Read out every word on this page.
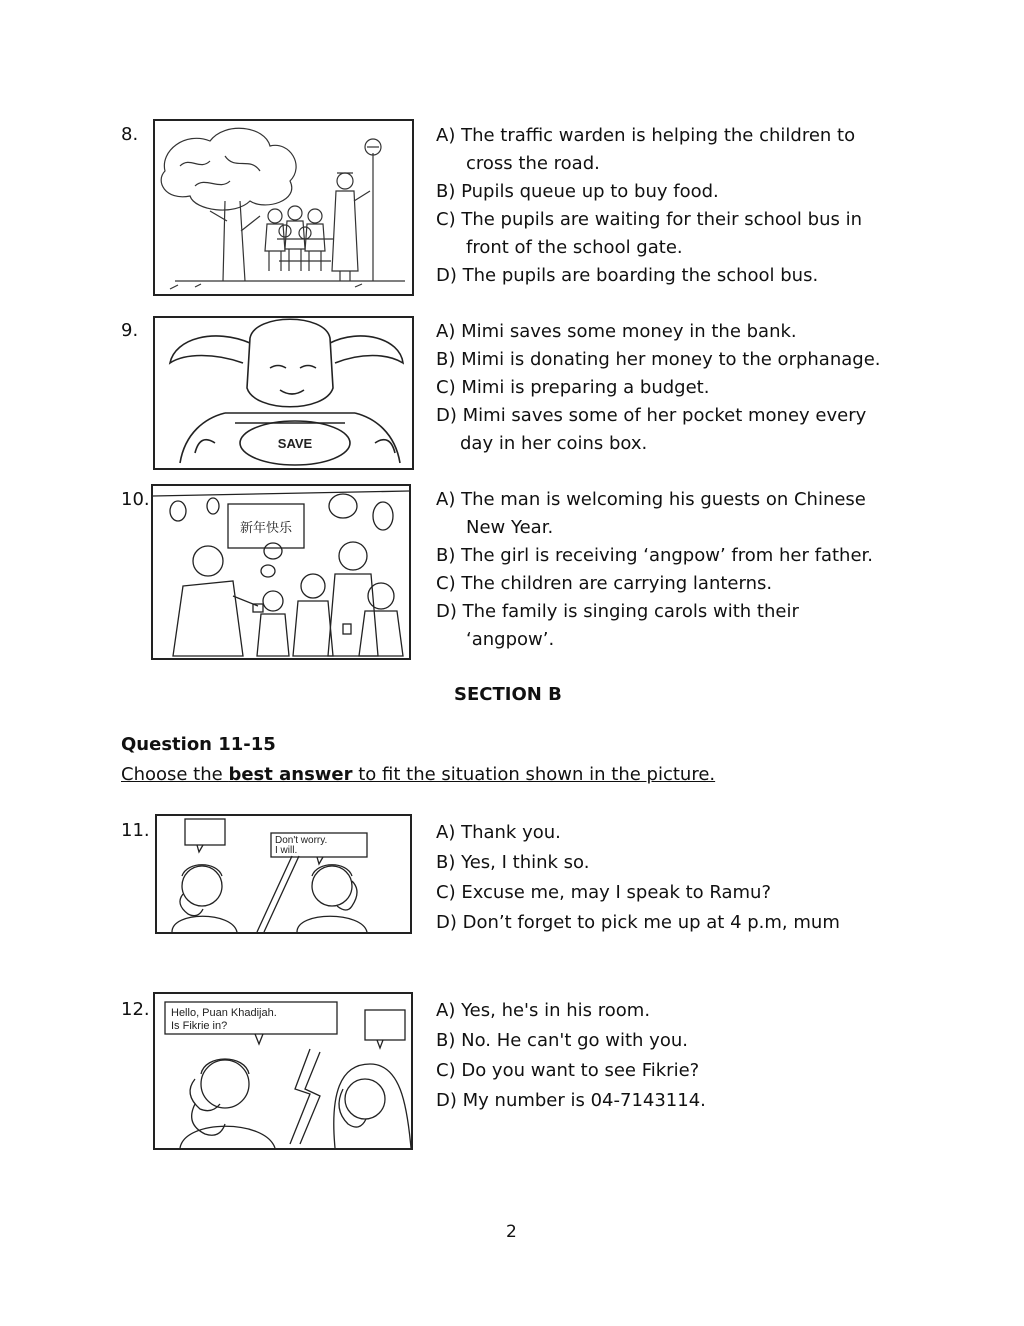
8.	A) The traffic warden is helping the children to
cross the road.
B) Pupils queue up to buy food.
C) The pupils are waiting for their school bus in
front of the school gate.
D) The pupils are boarding the school bus.
9.
SAVE
A) Mimi saves some money in the bank.
B) Mimi is donating her money to the orphanage.
C) Mimi is preparing a budget.
D) Mimi saves some of her pocket money every
day in her coins box.
10.
新年快乐
A) The man is welcoming his guests on Chinese
New Year.
B) The girl is receiving ‘angpow’ from her father.
C) The children are carrying lanterns.
D) The family is singing carols with their
‘angpow’.
SECTION B
Question 11-15
Choose the best answer to fit the situation shown in the picture.
11.	Don't worry.
I will.
A) Thank you.
B) Yes, I think so.
C) Excuse me, may I speak to Ramu?
D) Don’t forget to pick me up at 4 p.m, mum
12. Hello, Puan Khadijah.
Is Fikrie in?
A) Yes, he's in his room.
B) No. He can't go with you.
C) Do you want to see Fikrie?
D) My number is 04-7143114.
2
